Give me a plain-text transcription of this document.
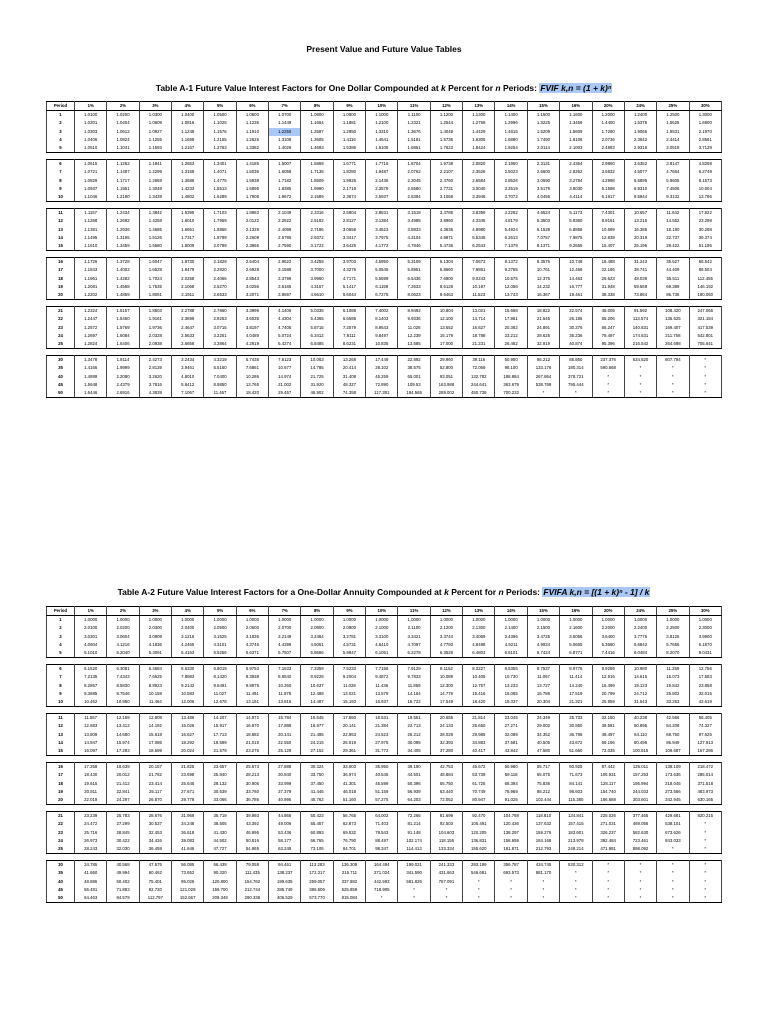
Present Value and Future Value Tables
Table A-1 Future Value Interest Factors for One Dollar Compounded at k Percent for n Periods: FVIF k,n = (1 + k)ⁿ
Period	1%	2%	3%	4%	5%	6%	7%	8%	9%	10%	11%	12%	13%	14%	15%	16%	20%	24%	25%	30%
1	1.0100	1.0200	1.0300	1.0400	1.0500	1.0600	1.0700	1.0800	1.0900	1.1000	1.1100	1.1200	1.1300	1.1400	1.1500	1.1600	1.2000	1.2400	1.2500	1.3000
2	1.0201	1.0404	1.0609	1.0816	1.1025	1.1236	1.1449	1.1664	1.1881	1.2100	1.2321	1.2544	1.2769	1.2996	1.3225	1.3456	1.4400	1.5376	1.5625	1.6900
3	1.0303	1.0612	1.0927	1.1249	1.1576	1.1910	1.2250	1.2597	1.2950	1.3310	1.3676	1.4049	1.4429	1.4815	1.5209	1.5609	1.7280	1.9066	1.9531	2.1970
4	1.0406	1.0824	1.1255	1.1699	1.2155	1.2625	1.3108	1.3605	1.4116	1.4641	1.5181	1.5735	1.6305	1.6890	1.7490	1.8106	2.0736	2.3642	2.4414	2.8561
5	1.0510	1.1041	1.1593	1.2167	1.2763	1.3382	1.4026	1.4693	1.5386	1.6105	1.6851	1.7623	1.8424	1.9254	2.0114	2.1003	2.4883	2.9316	3.0518	3.7129

6	1.0615	1.1262	1.1941	1.2653	1.3401	1.4185	1.5007	1.5869	1.6771	1.7716	1.8704	1.9738	2.0820	2.1950	2.3131	2.4364	2.9860	3.6352	3.8147	4.8268
7	1.0721	1.1487	1.2299	1.3159	1.4071	1.5036	1.6058	1.7138	1.8280	1.9487	2.0762	2.2107	2.3526	2.5023	2.6600	2.8262	3.5832	4.5077	4.7684	6.2749
8	1.0829	1.1717	1.2668	1.3686	1.4775	1.5938	1.7182	1.8509	1.9926	2.1436	2.3045	2.4760	2.6584	2.8526	3.0590	3.2784	4.2998	5.5895	5.9605	8.1573
9	1.0937	1.1951	1.3048	1.4233	1.5513	1.6895	1.8385	1.9990	2.1719	2.3579	2.5580	2.7731	3.0040	3.2519	3.5179	3.8030	5.1598	6.9310	7.4506	10.604
10	1.1046	1.2190	1.3439	1.4802	1.6289	1.7908	1.9672	2.1589	2.3674	2.5937	2.8394	3.1058	3.3946	3.7072	4.0456	4.4114	6.1917	8.5944	9.3132	13.786

11	1.1157	1.2434	1.3842	1.5395	1.7103	1.8983	2.1049	2.3316	2.5804	2.8531	3.1518	3.4785	3.8359	4.2262	4.6524	5.1173	7.4301	10.657	11.642	17.922
12	1.1268	1.2682	1.4258	1.6010	1.7959	2.0122	2.2522	2.5182	2.8127	3.1384	3.4985	3.8960	4.3345	4.8179	5.3503	5.9360	8.9161	13.215	14.552	23.298
13	1.1381	1.2936	1.4685	1.6651	1.8856	2.1329	2.4098	2.7196	3.0658	3.4523	3.8833	4.3635	4.8980	5.4924	6.1528	6.8858	10.699	16.386	18.190	30.288
14	1.1495	1.3195	1.5126	1.7317	1.9799	2.2609	2.5785	2.9372	3.3417	3.7975	4.3104	4.8871	5.5348	6.2613	7.0757	7.9875	12.839	20.319	22.737	39.374
15	1.1610	1.3459	1.5580	1.8009	2.0789	2.3966	2.7590	3.1722	3.6425	4.1772	4.7846	5.4736	6.2543	7.1379	8.1371	9.2655	15.407	25.196	28.422	51.186

16	1.1726	1.3728	1.6047	1.8730	2.1829	2.5404	2.9522	3.4259	3.9703	4.5950	5.3109	6.1304	7.0673	8.1372	9.3576	10.748	18.488	31.243	35.527	66.542
17	1.1843	1.4002	1.6528	1.9479	2.2920	2.6928	3.1588	3.7000	4.3276	5.0545	5.8951	6.8660	7.9861	9.2765	10.761	12.468	22.186	38.741	44.409	86.504
18	1.1961	1.4282	1.7024	2.0258	2.4066	2.8543	3.3799	3.9960	4.7171	5.5599	6.5436	7.6900	9.0243	10.575	12.375	14.463	26.623	48.039	55.511	112.455
19	1.2081	1.4568	1.7535	2.1068	2.5270	3.0256	3.6165	4.3157	5.1417	6.1159	7.2633	8.6128	10.197	12.056	14.232	16.777	31.948	59.568	69.389	146.192
20	1.2202	1.4859	1.8061	2.1911	2.6533	3.2071	3.8697	4.6610	5.6044	6.7275	8.0623	9.6463	11.523	13.743	16.367	19.461	38.338	73.864	86.736	190.050

21	1.2324	1.5157	1.8603	2.2788	2.7860	3.3996	4.1406	5.0338	6.1088	7.4002	8.9492	10.804	13.021	15.668	18.822	22.574	46.005	91.592	108.420	247.065
22	1.2447	1.5460	1.9161	2.3699	2.9253	3.6035	4.4304	5.4365	6.6586	8.1403	9.9336	12.100	14.714	17.861	21.645	26.186	55.206	113.574	135.525	321.184
23	1.2572	1.5769	1.9736	2.4647	3.0715	3.8197	4.7405	5.8715	7.2579	8.9543	11.026	13.552	16.627	20.362	24.891	30.376	66.247	140.831	169.407	417.539
24	1.2697	1.6084	2.0328	2.5633	3.2251	4.0489	5.0724	6.3412	7.9111	9.8497	12.239	15.179	18.788	23.212	28.625	35.236	79.497	174.631	211.758	542.801
25	1.2824	1.6406	2.0938	2.6658	3.3864	4.2919	5.4274	6.8485	8.6231	10.835	13.585	17.000	21.231	26.462	32.919	40.874	95.396	216.542	264.698	705.641

30	1.3478	1.8114	2.4273	3.2434	4.3219	5.7435	7.6123	10.063	13.268	17.449	22.892	29.960	39.116	50.950	66.212	85.850	237.376	634.820	807.794	*
35	1.4166	1.9999	2.8139	3.9461	5.5160	7.6861	10.677	14.785	20.414	28.102	38.575	52.800	72.069	98.100	133.176	180.314	590.668	*	*	*
40	1.4889	2.2080	3.2620	4.8010	7.0400	10.286	14.974	21.725	31.409	45.259	65.001	93.051	132.782	188.884	267.864	378.721	*	*	*	*
45	1.5648	2.4379	3.7816	5.8412	8.9850	13.765	21.002	31.920	48.327	72.890	109.53	163.988	244.641	363.679	538.769	795.444	*	*	*	*
50	1.6446	2.6916	4.3839	7.1067	11.467	18.420	29.457	46.902	74.358	117.391	184.565	289.002	450.736	700.233	*	*	*	*	*	*
Table A-2 Future Value Interest Factors for a One-Dollar Annuity Compounded at k Percent for n Periods: FVIFA k,n = [(1 + k)ⁿ - 1] / k
Period	1%	2%	3%	4%	5%	6%	7%	8%	9%	10%	11%	12%	13%	14%	15%	16%	20%	24%	25%	30%
1	1.0000	1.0000	1.0000	1.0000	1.0000	1.0000	1.0000	1.0000	1.0000	1.0000	1.0000	1.0000	1.0000	1.0000	1.0000	1.0000	1.0000	1.0000	1.0000	1.0000
2	2.0100	2.0200	2.0300	2.0400	2.0500	2.0600	2.0700	2.0800	2.0900	2.1000	2.1100	2.1200	2.1300	2.1400	2.1500	2.1600	2.2000	2.2400	2.2500	2.3000
3	3.0301	3.0604	3.0909	3.1216	3.1525	3.1836	3.2149	3.2464	3.2781	3.3100	3.3421	3.3744	3.4069	3.4396	3.4725	3.5056	3.6400	3.7776	3.8125	3.9900
4	4.0604	4.1216	4.1836	4.2465	4.3101	4.3746	4.4399	4.5061	4.5731	4.6410	4.7097	4.7793	4.8498	4.9211	4.9934	5.0665	5.3680	5.6842	5.7656	6.1870
5	5.1010	5.2040	5.3091	5.4163	5.5256	5.6371	5.7507	5.8666	5.9847	6.1051	6.2278	6.3528	6.4803	6.6101	6.7424	6.8771	7.4416	8.0484	8.2070	9.0431

6	6.1520	6.3081	6.4684	6.6330	6.8019	6.9753	7.1533	7.3359	7.5233	7.7156	7.9129	8.1152	8.3227	8.5355	8.7537	8.9775	9.9299	10.980	11.259	12.756
7	7.2135	7.4343	7.6625	7.8983	8.1420	8.3938	8.6540	8.9228	9.2004	9.4872	9.7833	10.089	10.405	10.730	11.067	11.414	12.916	14.615	15.073	17.583
8	8.2857	8.5830	8.8923	9.2142	9.5491	9.8975	10.260	10.637	11.028	11.436	11.859	12.300	12.757	13.233	13.727	14.240	16.499	19.123	19.842	23.858
9	9.3685	9.7546	10.159	10.583	11.027	11.491	11.978	12.488	13.021	13.579	14.164	14.776	15.416	16.085	16.786	17.519	20.799	24.712	25.802	32.015
10	10.462	10.950	11.464	12.006	12.578	13.181	13.816	14.487	15.193	15.937	16.722	17.549	18.420	19.337	20.304	21.321	25.959	31.643	33.253	42.619

11	11.567	12.169	12.808	13.486	14.207	14.972	15.784	16.645	17.560	18.531	19.561	20.655	21.814	23.045	24.349	25.733	32.150	40.238	42.566	56.405
12	12.683	13.412	14.192	15.026	15.917	16.870	17.888	18.977	20.141	21.384	22.713	24.133	25.650	27.271	29.002	30.850	39.581	50.895	54.208	74.327
13	13.809	14.680	15.618	16.627	17.713	18.882	20.141	21.495	22.953	24.523	26.212	28.029	29.985	32.089	34.352	36.786	48.497	64.110	68.760	97.625
14	14.947	15.974	17.086	18.292	19.599	21.015	22.550	24.215	26.019	27.975	30.095	32.393	34.883	37.581	40.505	43.672	59.196	80.496	86.949	127.913
15	16.097	17.293	18.599	20.024	21.579	23.276	25.129	27.152	29.361	31.772	34.405	37.280	40.417	43.842	47.580	51.660	72.035	100.815	109.687	167.286

16	17.258	18.639	20.157	21.825	23.657	25.673	27.888	30.324	33.003	35.950	39.190	42.753	46.672	50.980	55.717	60.925	87.442	126.011	138.109	218.472
17	18.430	20.012	21.762	23.698	25.840	28.213	30.840	33.750	36.974	40.545	44.501	48.884	53.739	59.118	65.075	71.673	105.931	157.253	173.636	285.014
18	19.615	21.412	23.414	25.645	28.132	30.906	33.999	37.450	41.301	45.599	50.396	55.750	61.725	68.394	75.836	84.141	128.117	195.994	218.045	371.518
19	20.811	22.841	25.117	27.671	30.539	33.760	37.379	41.446	46.018	51.159	56.939	63.440	70.749	78.969	88.212	98.603	154.740	244.033	273.556	483.973
20	22.019	24.297	26.870	29.778	33.066	36.786	40.995	45.762	51.160	57.275	64.203	72.052	80.947	91.025	102.444	115.380	186.688	303.601	342.945	630.165

21	23.239	25.783	28.676	31.969	35.719	39.993	44.865	50.423	56.765	64.002	72.265	81.699	92.470	104.768	118.810	134.841	225.026	377.465	429.681	820.215
22	24.472	27.299	30.537	34.248	38.505	43.392	49.006	55.457	62.873	71.403	81.214	92.503	105.491	120.436	137.632	157.415	271.031	469.056	538.101	*
23	25.716	28.845	32.453	36.618	41.430	46.996	53.436	60.893	69.532	79.543	91.148	104.603	120.205	138.297	159.276	183.601	326.237	582.630	673.626	*
24	26.973	30.422	34.426	39.083	44.502	50.816	58.177	66.765	76.790	88.497	102.174	118.155	136.831	158.659	184.168	213.978	392.484	723.461	843.033	*
25	28.243	32.030	36.459	41.646	47.727	54.865	63.249	73.106	84.701	98.347	114.413	133.334	155.620	181.871	212.793	249.214	471.981	898.092	*	*

30	34.785	40.568	47.575	56.085	66.439	79.058	94.461	113.283	136.308	164.494	199.021	241.333	293.199	356.787	434.745	530.312	*	*	*	*
35	41.660	49.994	60.462	73.652	90.320	111.435	138.237	172.317	215.711	271.024	341.590	431.663	546.681	693.573	881.170	*	*	*	*	*
40	48.886	60.402	75.401	95.026	120.800	154.762	199.635	259.057	337.882	442.593	581.826	767.091	*	*	*	*	*	*	*	*
45	56.481	71.893	92.720	121.029	159.700	212.744	285.749	386.506	525.859	718.905	*	*	*	*	*	*	*	*	*	*
50	64.463	84.579	112.797	152.667	209.348	290.336	406.529	573.770	815.084	*	*	*	*	*	*	*	*	*	*	*
